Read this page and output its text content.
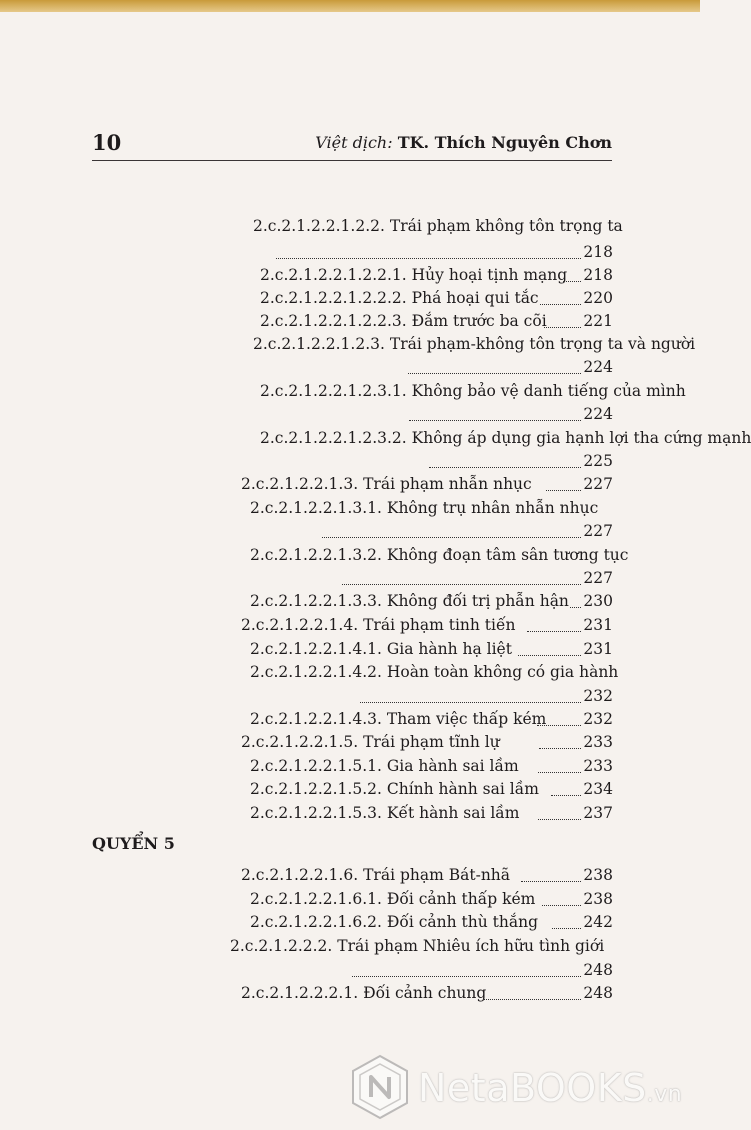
10	Việt dịch: TK. Thích Nguyên Chơn
2.c.2.1.2.2.1.2.2. Trái phạm không tôn trọng ta
218
2.c.2.1.2.2.1.2.2.1. Hủy hoại tịnh mạng 218
2.c.2.1.2.2.1.2.2.2. Phá hoại qui tắc	220
2.c.2.1.2.2.1.2.2.3. Đắm trước ba cõi 221
2.c.2.1.2.2.1.2.3. Trái phạm-không tôn trọng ta và người
224
2.c.2.1.2.2.1.2.3.1. Không bảo vệ danh tiếng của mình
224
2.c.2.1.2.2.1.2.3.2. Không áp dụng gia hạnh lợi tha cứng mạnh
225
2.c.2.1.2.2.1.3. Trái phạm nhẫn nhục	227
2.c.2.1.2.2.1.3.1. Không trụ nhân nhẫn nhục
227
2.c.2.1.2.2.1.3.2. Không đoạn tâm sân tương tục
227
2.c.2.1.2.2.1.3.3. Không đối trị phẫn hận 230
2.c.2.1.2.2.1.4. Trái phạm tinh tiến	231
2.c.2.1.2.2.1.4.1. Gia hành hạ liệt	231
2.c.2.1.2.2.1.4.2. Hoàn toàn không có gia hành
232
2.c.2.1.2.2.1.4.3. Tham việc thấp kém 232
2.c.2.1.2.2.1.5. Trái phạm tĩnh lự	233
2.c.2.1.2.2.1.5.1. Gia hành sai lầm	233
2.c.2.1.2.2.1.5.2. Chính hành sai lầm	234
2.c.2.1.2.2.1.5.3. Kết hành sai lầm	237
QUYỂN 5
2.c.2.1.2.2.1.6. Trái phạm Bát-nhã	238
2.c.2.1.2.2.1.6.1. Đối cảnh thấp kém	238
2.c.2.1.2.2.1.6.2. Đối cảnh thù thắng	242
2.c.2.1.2.2.2. Trái phạm Nhiêu ích hữu tình giới
248
2.c.2.1.2.2.2.1. Đối cảnh chung	248
NetaBOOKS.vn
